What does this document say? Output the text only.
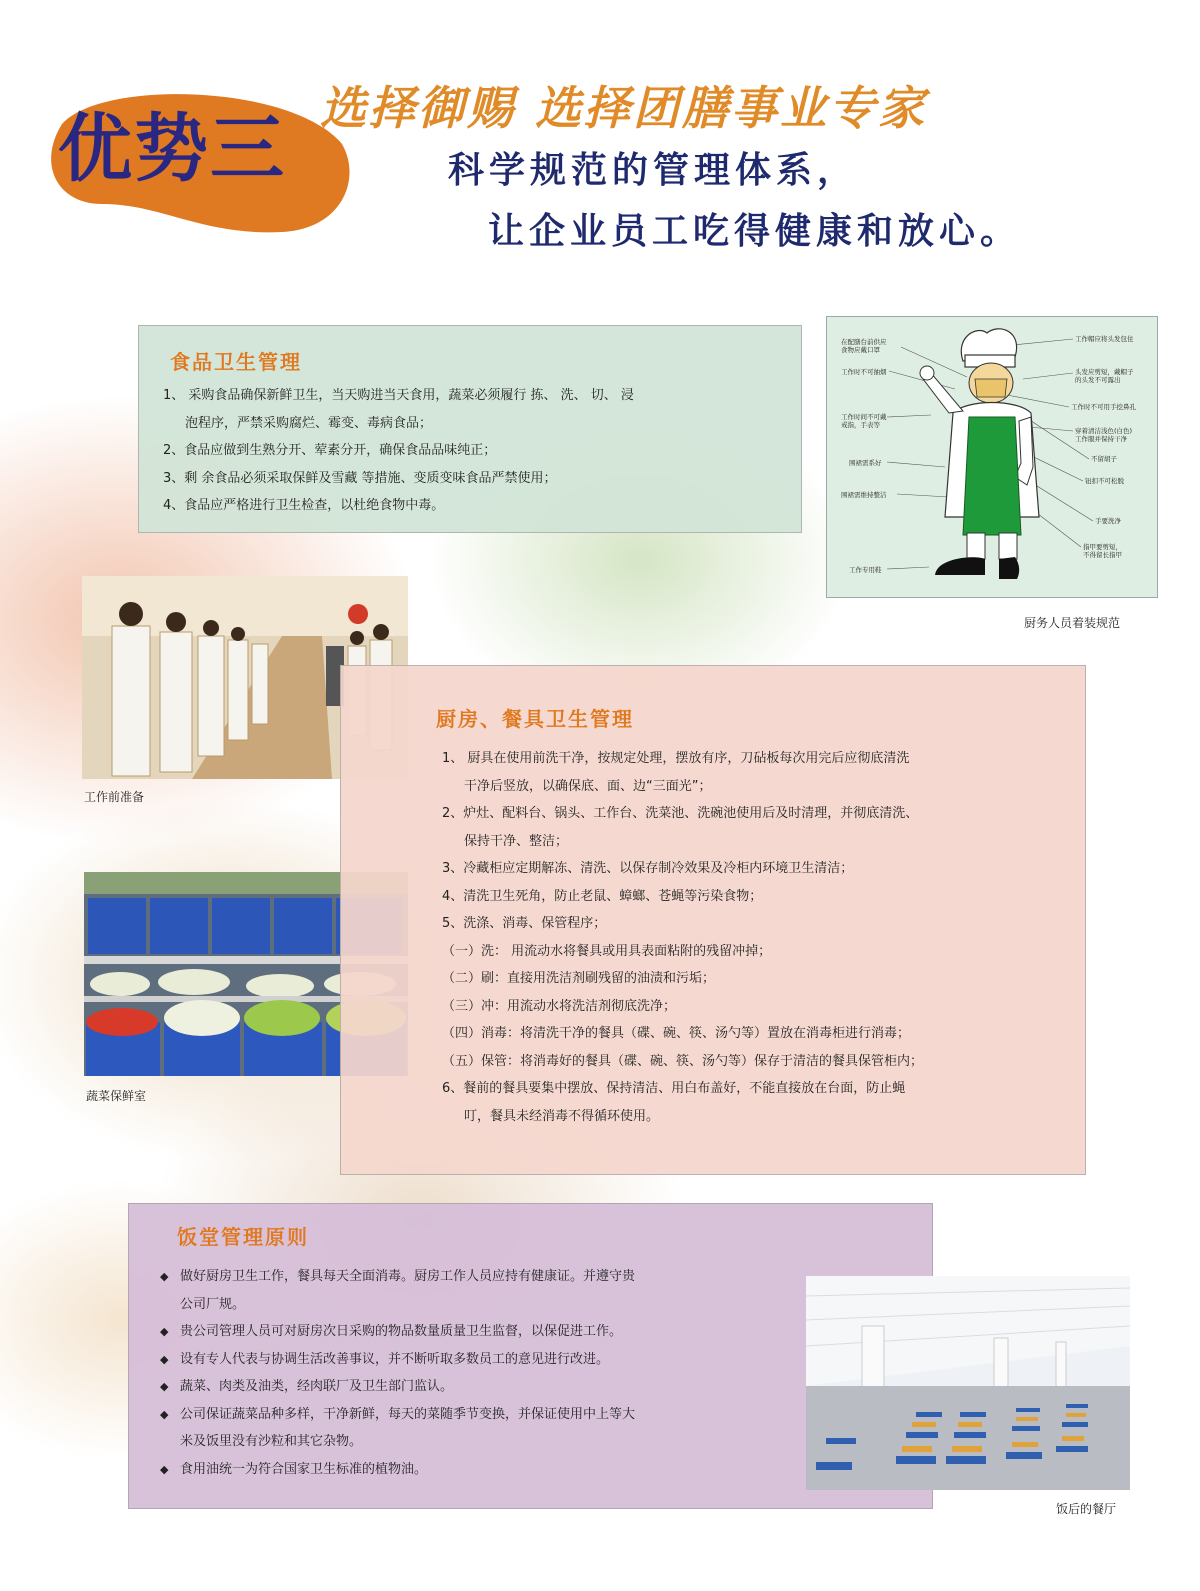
优势三 选择御赐 选择团膳事业专家
科学规范的管理体系，
让企业员工吃得健康和放心。
食品卫生管理

1、 采购食品确保新鲜卫生，当天购进当天食用，蔬菜必须履行 拣、 洗、 切、 浸

泡程序，严禁采购腐烂、霉变、毒病食品；

2、食品应做到生熟分开、荤素分开，确保食品品味纯正；

3、剩 余食品必须采取保鲜及雪藏 等措施、变质变味食品严禁使用；

4、食品应严格进行卫生检查，以杜绝食物中毒。

在配膳台前供应食物应戴口罩
工作时不可抽烟
工作时间不可戴戒指，手表等
围裙需系好
围裙需维持整洁
工作专用鞋
工作帽应将头发包住
头发应剪短，戴帽子的头发不可露出
工作时不可用手挖鼻孔
穿着清洁浅色(白色)工作服并保持干净
不留胡子
钮扣不可松脱
手要洗净
指甲要剪短，不得留长指甲
厨务人员着装规范
工作前准备
蔬菜保鲜室
厨房、餐具卫生管理

1、 厨具在使用前洗干净，按规定处理，摆放有序，刀砧板每次用完后应彻底清洗

干净后竖放，以确保底、面、边“三面光”；

2、炉灶、配料台、锅头、工作台、洗菜池、洗碗池使用后及时清理，并彻底清洗、

保持干净、整洁；

3、冷藏柜应定期解冻、清洗、以保存制冷效果及冷柜内环境卫生清洁；

4、清洗卫生死角，防止老鼠、蟑螂、苍蝇等污染食物；

5、洗涤、消毒、保管程序；

（一）洗： 用流动水将餐具或用具表面粘附的残留冲掉；

（二）刷：直接用洗洁剂刷残留的油渍和污垢；

（三）冲：用流动水将洗洁剂彻底洗净；

（四）消毒：将清洗干净的餐具（碟、碗、筷、汤勺等）置放在消毒柜进行消毒；

（五）保管：将消毒好的餐具（碟、碗、筷、汤勺等）保存于清洁的餐具保管柜内；

6、餐前的餐具要集中摆放、保持清洁、用白布盖好，不能直接放在台面，防止蝇

叮，餐具未经消毒不得循环使用。

饭堂管理原则

◆ 做好厨房卫生工作，餐具每天全面消毒。厨房工作人员应持有健康证。并遵守贵

公司厂规。

◆ 贵公司管理人员可对厨房次日采购的物品数量质量卫生监督，以保促进工作。

◆ 设有专人代表与协调生活改善事议，并不断听取多数员工的意见进行改进。

◆ 蔬菜、肉类及油类，经肉联厂及卫生部门监认。

◆ 公司保证蔬菜品种多样，干净新鲜，每天的菜随季节变换，并保证使用中上等大

米及饭里没有沙粒和其它杂物。

◆ 食用油统一为符合国家卫生标准的植物油。

饭后的餐厅
